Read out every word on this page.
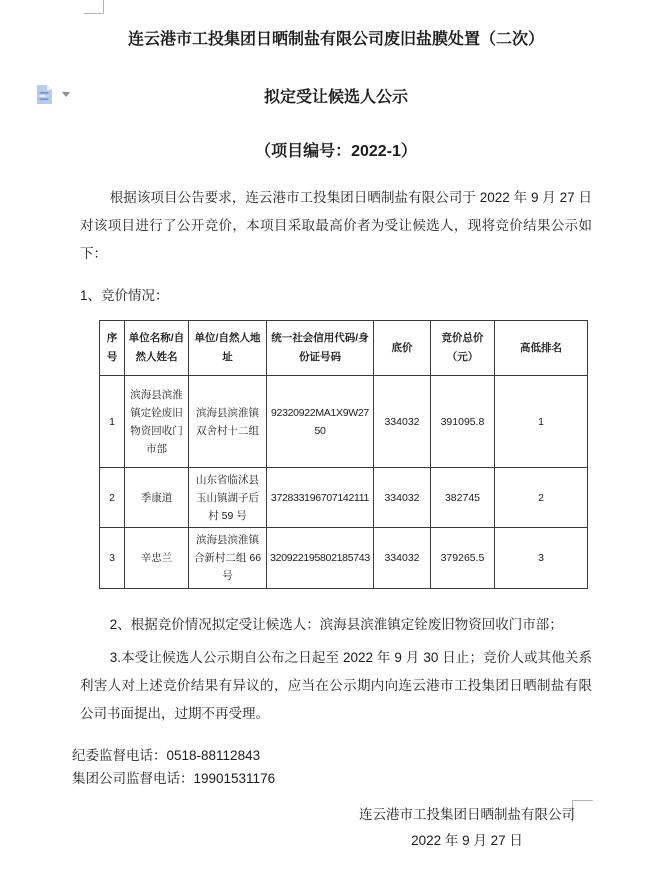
连云港市工投集团日晒制盐有限公司废旧盐膜处置（二次）
拟定受让候选人公示
（项目编号：2022-1）
根据该项目公告要求，连云港市工投集团日晒制盐有限公司于 2022 年 9 月 27 日对该项目进行了公开竞价，本项目采取最高价者为受让候选人，现将竞价结果公示如下：
1、竞价情况：
序号	单位名称/自然人姓名	单位/自然人地址	统一社会信用代码/身份证号码	底价	竞价总价（元）	高低排名
1	滨海县滨淮镇定铨废旧物资回收门市部	滨海县滨淮镇双舍村十二组	92320922MA1X9W2750	334032	391095.8	1
2	季康道	山东省临沭县玉山镇湖子后村 59 号	372833196707142111	334032	382745	2
3	辛忠兰	滨海县滨淮镇合新村二组 66 号	320922195802185743	334032	379265.5	3
2、根据竞价情况拟定受让候选人：滨海县滨淮镇定铨废旧物资回收门市部；
3.本受让候选人公示期自公布之日起至 2022 年 9 月 30 日止；竞价人或其他关系利害人对上述竞价结果有异议的，应当在公示期内向连云港市工投集团日晒制盐有限公司书面提出，过期不再受理。
纪委监督电话：0518-88112843
集团公司监督电话：19901531176
连云港市工投集团日晒制盐有限公司
2022 年 9 月 27 日
